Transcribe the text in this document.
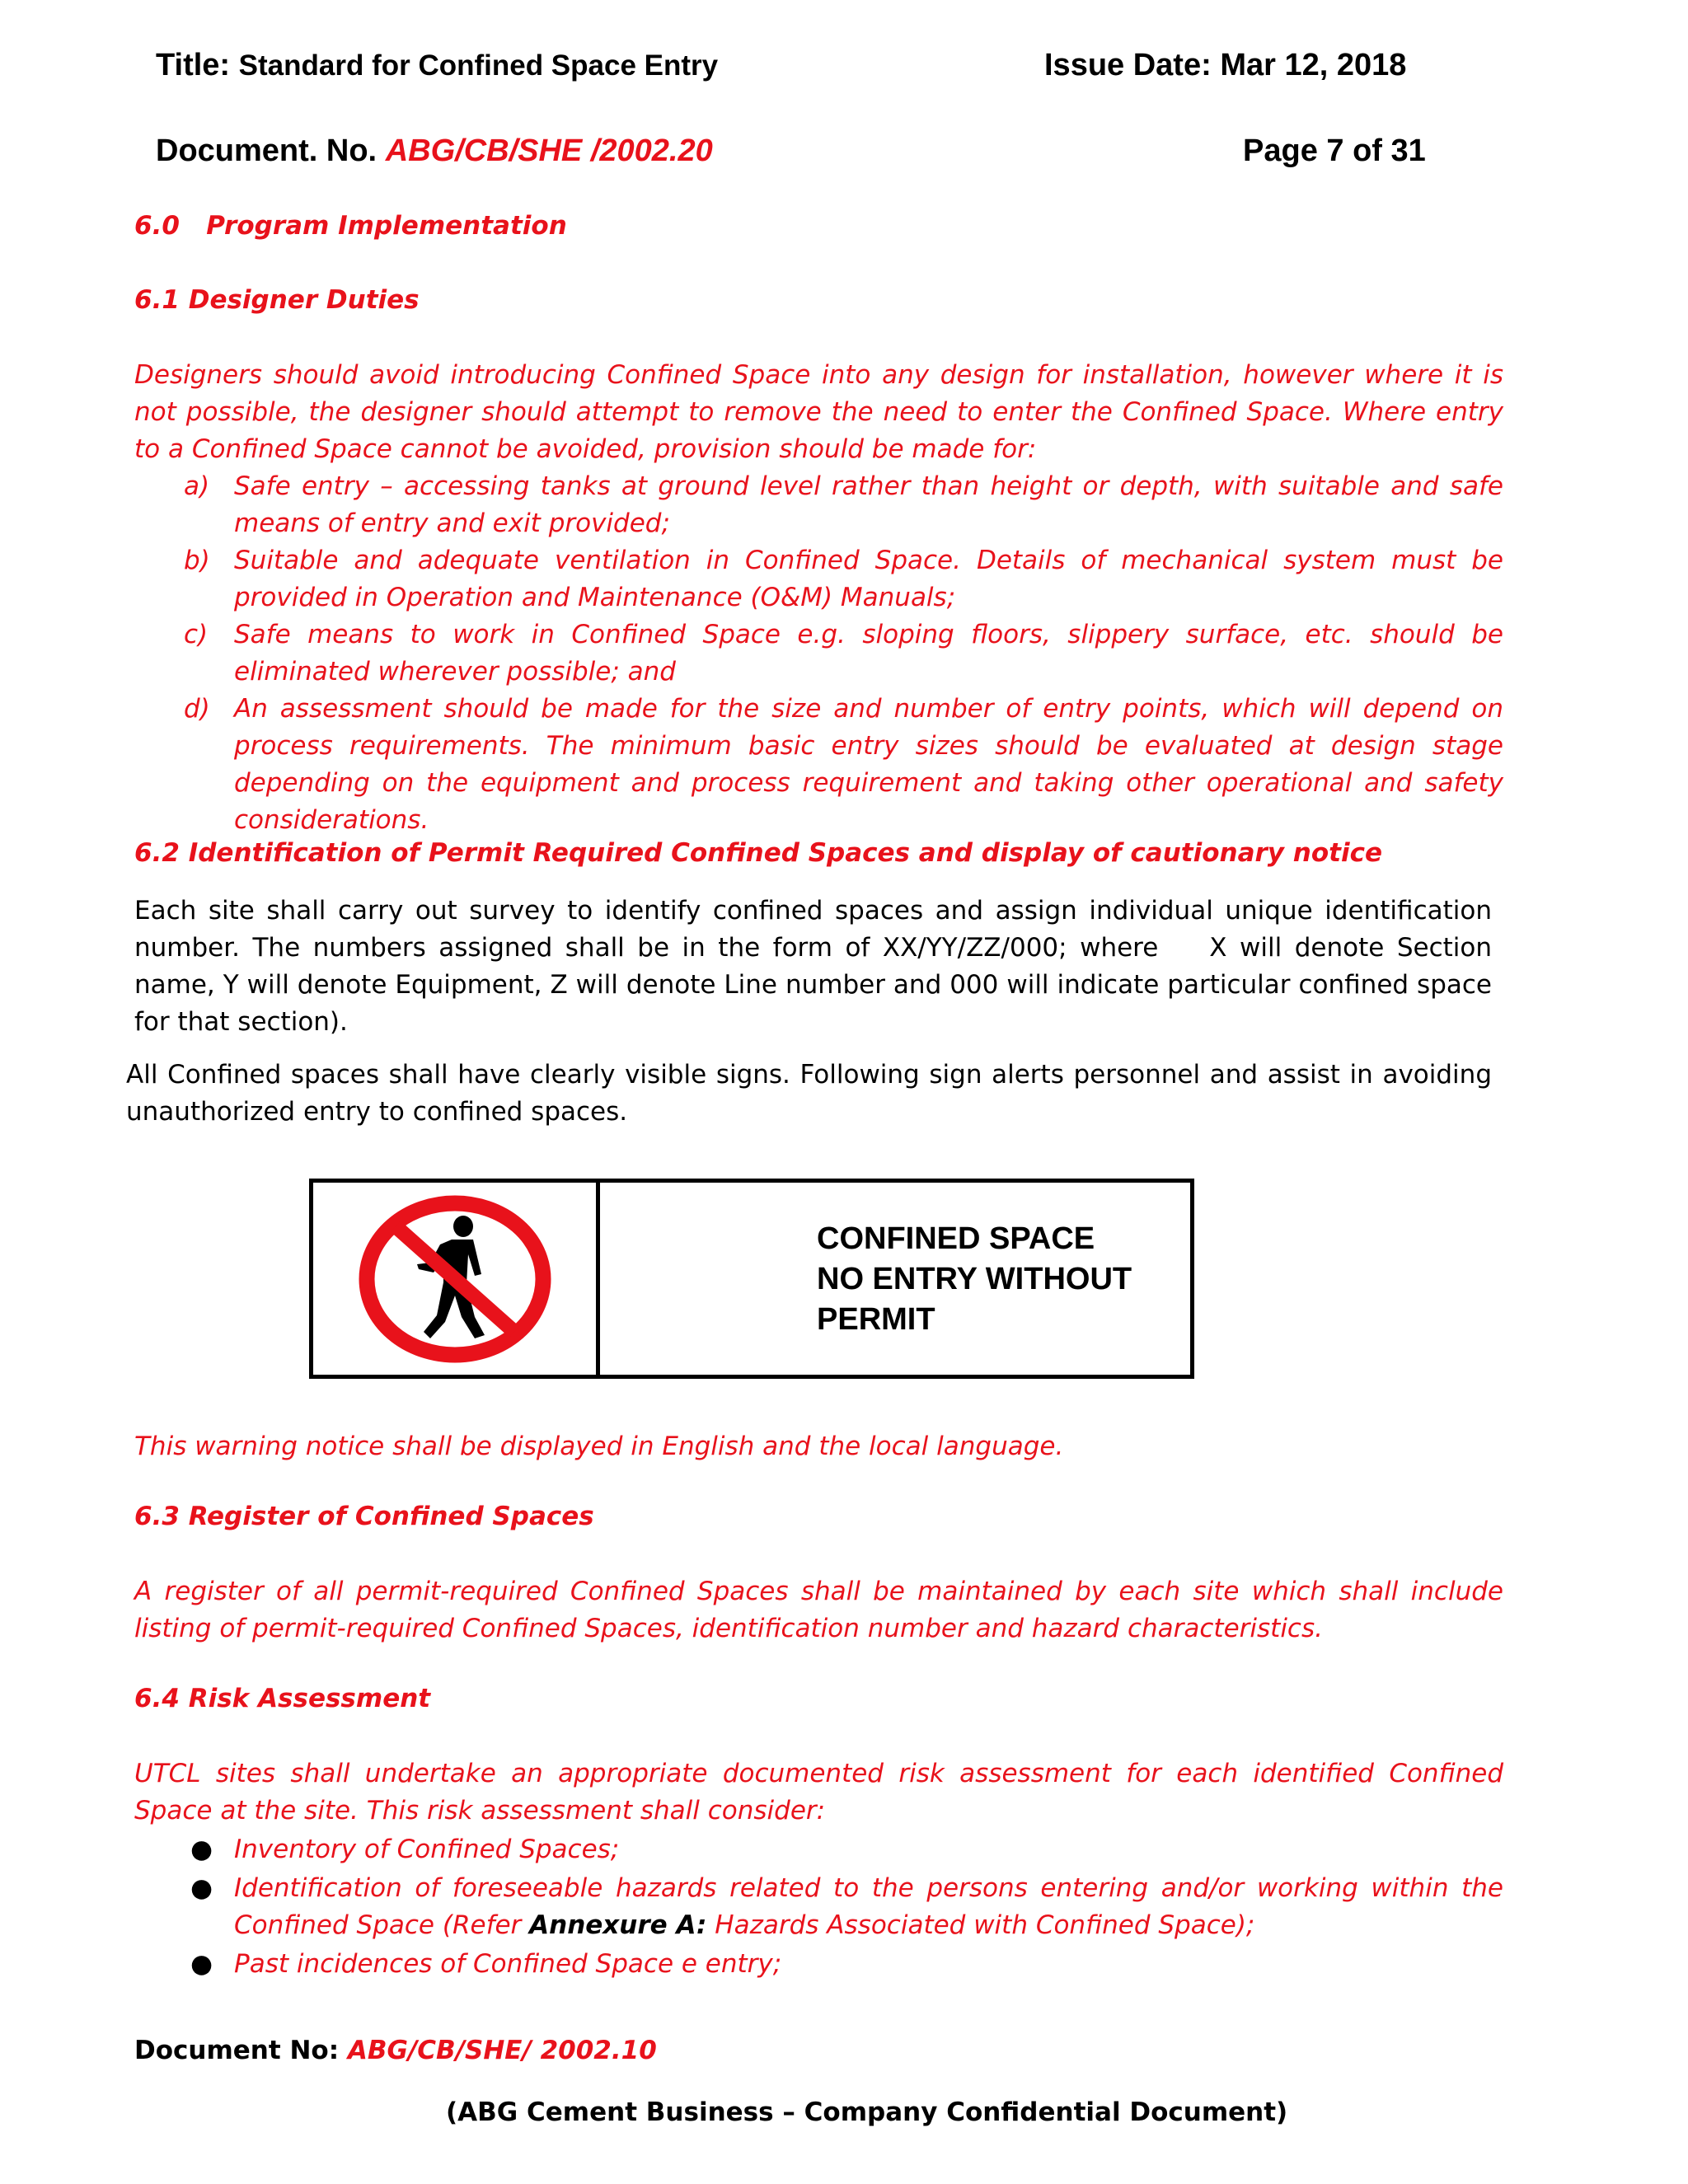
Title: Standard for Confined Space Entry	Issue Date: Mar 12, 2018
Document. No. ABG/CB/SHE /2002.20	Page 7 of 31
6.0   Program Implementation
6.1 Designer Duties
Designers should avoid introducing Confined Space into any design for installation, however where it is not possible, the designer should attempt to remove the need to enter the Confined Space. Where entry to a Confined Space cannot be avoided, provision should be made for:
a) Safe entry – accessing tanks at ground level rather than height or depth, with suitable and safe means of entry and exit provided;
b) Suitable and adequate ventilation in Confined Space. Details of mechanical system must be provided in Operation and Maintenance (O&M) Manuals;
c) Safe means to work in Confined Space e.g. sloping floors, slippery surface, etc. should be eliminated wherever possible; and
d) An assessment should be made for the size and number of entry points, which will depend on process requirements. The minimum basic entry sizes should be evaluated at design stage depending on the equipment and process requirement and taking other operational and safety considerations.
6.2 Identification of Permit Required Confined Spaces and display of cautionary notice
Each site shall carry out survey to identify confined spaces and assign individual unique identification number. The numbers assigned shall be in the form of XX/YY/ZZ/000; where    X will denote Section name, Y will denote Equipment, Z will denote Line number and 000 will indicate particular confined space for that section).
All Confined spaces shall have clearly visible signs. Following sign alerts personnel and assist in avoiding unauthorized entry to confined spaces.
CONFINED SPACE
NO ENTRY WITHOUT
PERMIT
This warning notice shall be displayed in English and the local language.
6.3 Register of Confined Spaces
A register of all permit-required Confined Spaces shall be maintained by each site which shall include listing of permit-required Confined Spaces, identification number and hazard characteristics.
6.4 Risk Assessment
UTCL sites shall undertake an appropriate documented risk assessment for each identified Confined Space at the site. This risk assessment shall consider:
● Inventory of Confined Spaces;
● Identification of foreseeable hazards related to the persons entering and/or working within the Confined Space (Refer Annexure A: Hazards Associated with Confined Space);
● Past incidences of Confined Space e entry;
Document No: ABG/CB/SHE/ 2002.10
(ABG Cement Business – Company Confidential Document)
